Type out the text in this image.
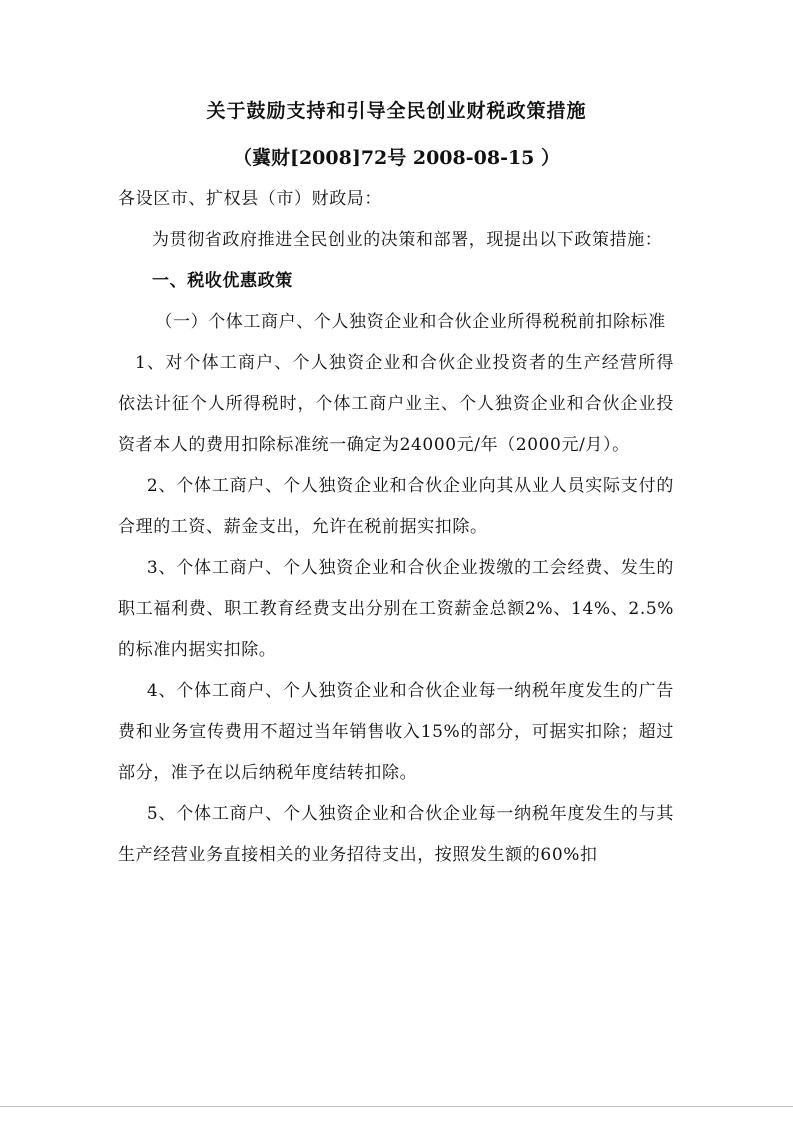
关于鼓励支持和引导全民创业财税政策措施
（冀财[2008]72号 2008-08-15 ）

各设区市、扩权县（市）财政局：

为贯彻省政府推进全民创业的决策和部署，现提出以下政策措施：

一、税收优惠政策

（一）个体工商户、个人独资企业和合伙企业所得税税前扣除标准

1、对个体工商户、个人独资企业和合伙企业投资者的生产经营所得依法计征个人所得税时，个体工商户业主、个人独资企业和合伙企业投资者本人的费用扣除标准统一确定为24000元/年（2000元/月）。

2、个体工商户、个人独资企业和合伙企业向其从业人员实际支付的合理的工资、薪金支出，允许在税前据实扣除。

3、个体工商户、个人独资企业和合伙企业拨缴的工会经费、发生的职工福利费、职工教育经费支出分别在工资薪金总额2%、14%、2.5%的标准内据实扣除。

4、个体工商户、个人独资企业和合伙企业每一纳税年度发生的广告费和业务宣传费用不超过当年销售收入15%的部分，可据实扣除；超过部分，准予在以后纳税年度结转扣除。

5、个体工商户、个人独资企业和合伙企业每一纳税年度发生的与其生产经营业务直接相关的业务招待支出，按照发生额的60%扣
